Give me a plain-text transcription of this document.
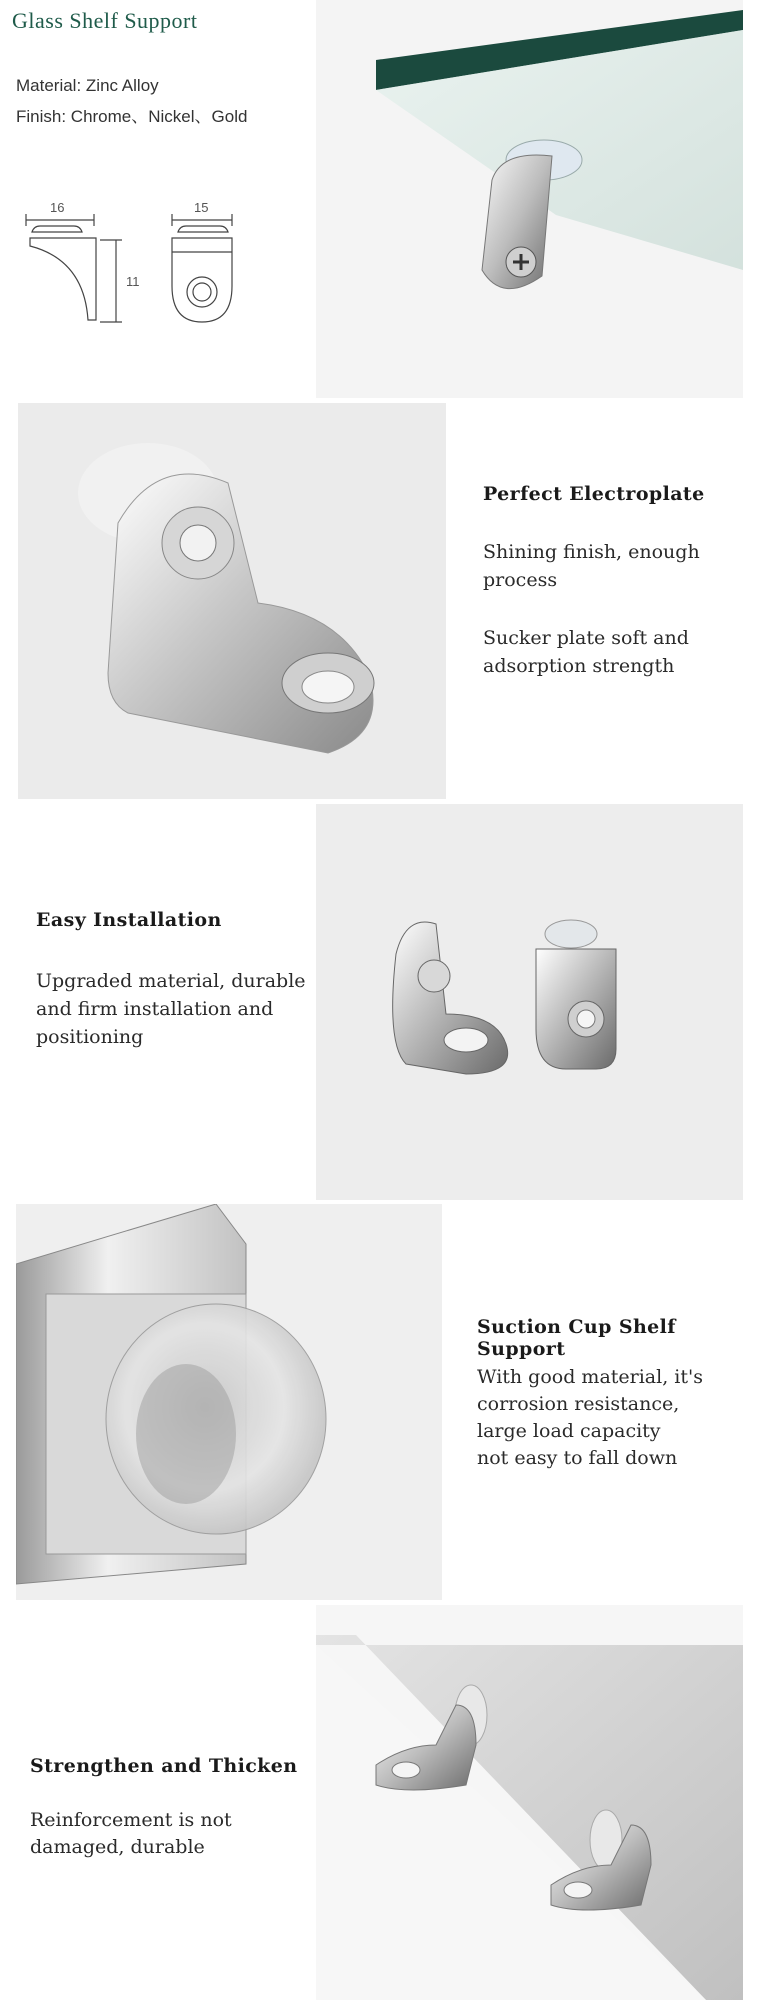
Glass Shelf Support
Material: Zinc Alloy
Finish: Chrome、Nickel、Gold
16
11
15
Perfect Electroplate
Shining finish, enough
process
Sucker plate soft and
adsorption strength
Easy Installation
Upgraded material, durable
and firm installation and
positioning
Suction Cup Shelf Support
With good material, it's
corrosion resistance,
large load capacity
not easy to fall down
Strengthen and Thicken
Reinforcement is not
damaged, durable
